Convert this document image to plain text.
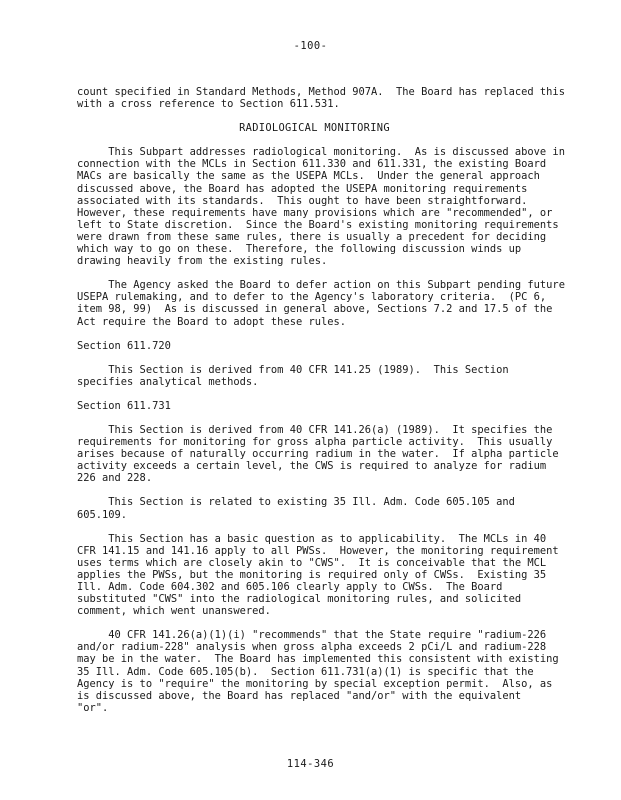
-100-
count specified in Standard Methods, Method 907A.  The Board has replaced this
with a cross reference to Section 611.531.
RADIOLOGICAL MONITORING
This Subpart addresses radiological monitoring.  As is discussed above in
connection with the MCLs in Section 611.330 and 611.331, the existing Board
MACs are basically the same as the USEPA MCLs.  Under the general approach
discussed above, the Board has adopted the USEPA monitoring requirements
associated with its standards.  This ought to have been straightforward.
However, these requirements have many provisions which are "recommended", or
left to State discretion.  Since the Board's existing monitoring requirements
were drawn from these same rules, there is usually a precedent for deciding
which way to go on these.  Therefore, the following discussion winds up
drawing heavily from the existing rules.
The Agency asked the Board to defer action on this Subpart pending future
USEPA rulemaking, and to defer to the Agency's laboratory criteria.  (PC 6,
item 98, 99)  As is discussed in general above, Sections 7.2 and 17.5 of the
Act require the Board to adopt these rules.
Section 611.720
This Section is derived from 40 CFR 141.25 (1989).  This Section
specifies analytical methods.
Section 611.731
This Section is derived from 40 CFR 141.26(a) (1989).  It specifies the
requirements for monitoring for gross alpha particle activity.  This usually
arises because of naturally occurring radium in the water.  If alpha particle
activity exceeds a certain level, the CWS is required to analyze for radium
226 and 228.
This Section is related to existing 35 Ill. Adm. Code 605.105 and
605.109.
This Section has a basic question as to applicability.  The MCLs in 40
CFR 141.15 and 141.16 apply to all PWSs.  However, the monitoring requirement
uses terms which are closely akin to "CWS".  It is conceivable that the MCL
applies the PWSs, but the monitoring is required only of CWSs.  Existing 35
Ill. Adm. Code 604.302 and 605.106 clearly apply to CWSs.  The Board
substituted "CWS" into the radiological monitoring rules, and solicited
comment, which went unanswered.
40 CFR 141.26(a)(1)(i) "recommends" that the State require "radium-226
and/or radium-228" analysis when gross alpha exceeds 2 pCi/L and radium-228
may be in the water.  The Board has implemented this consistent with existing
35 Ill. Adm. Code 605.105(b).  Section 611.731(a)(1) is specific that the
Agency is to "require" the monitoring by special exception permit.  Also, as
is discussed above, the Board has replaced "and/or" with the equivalent
"or".
114-346
